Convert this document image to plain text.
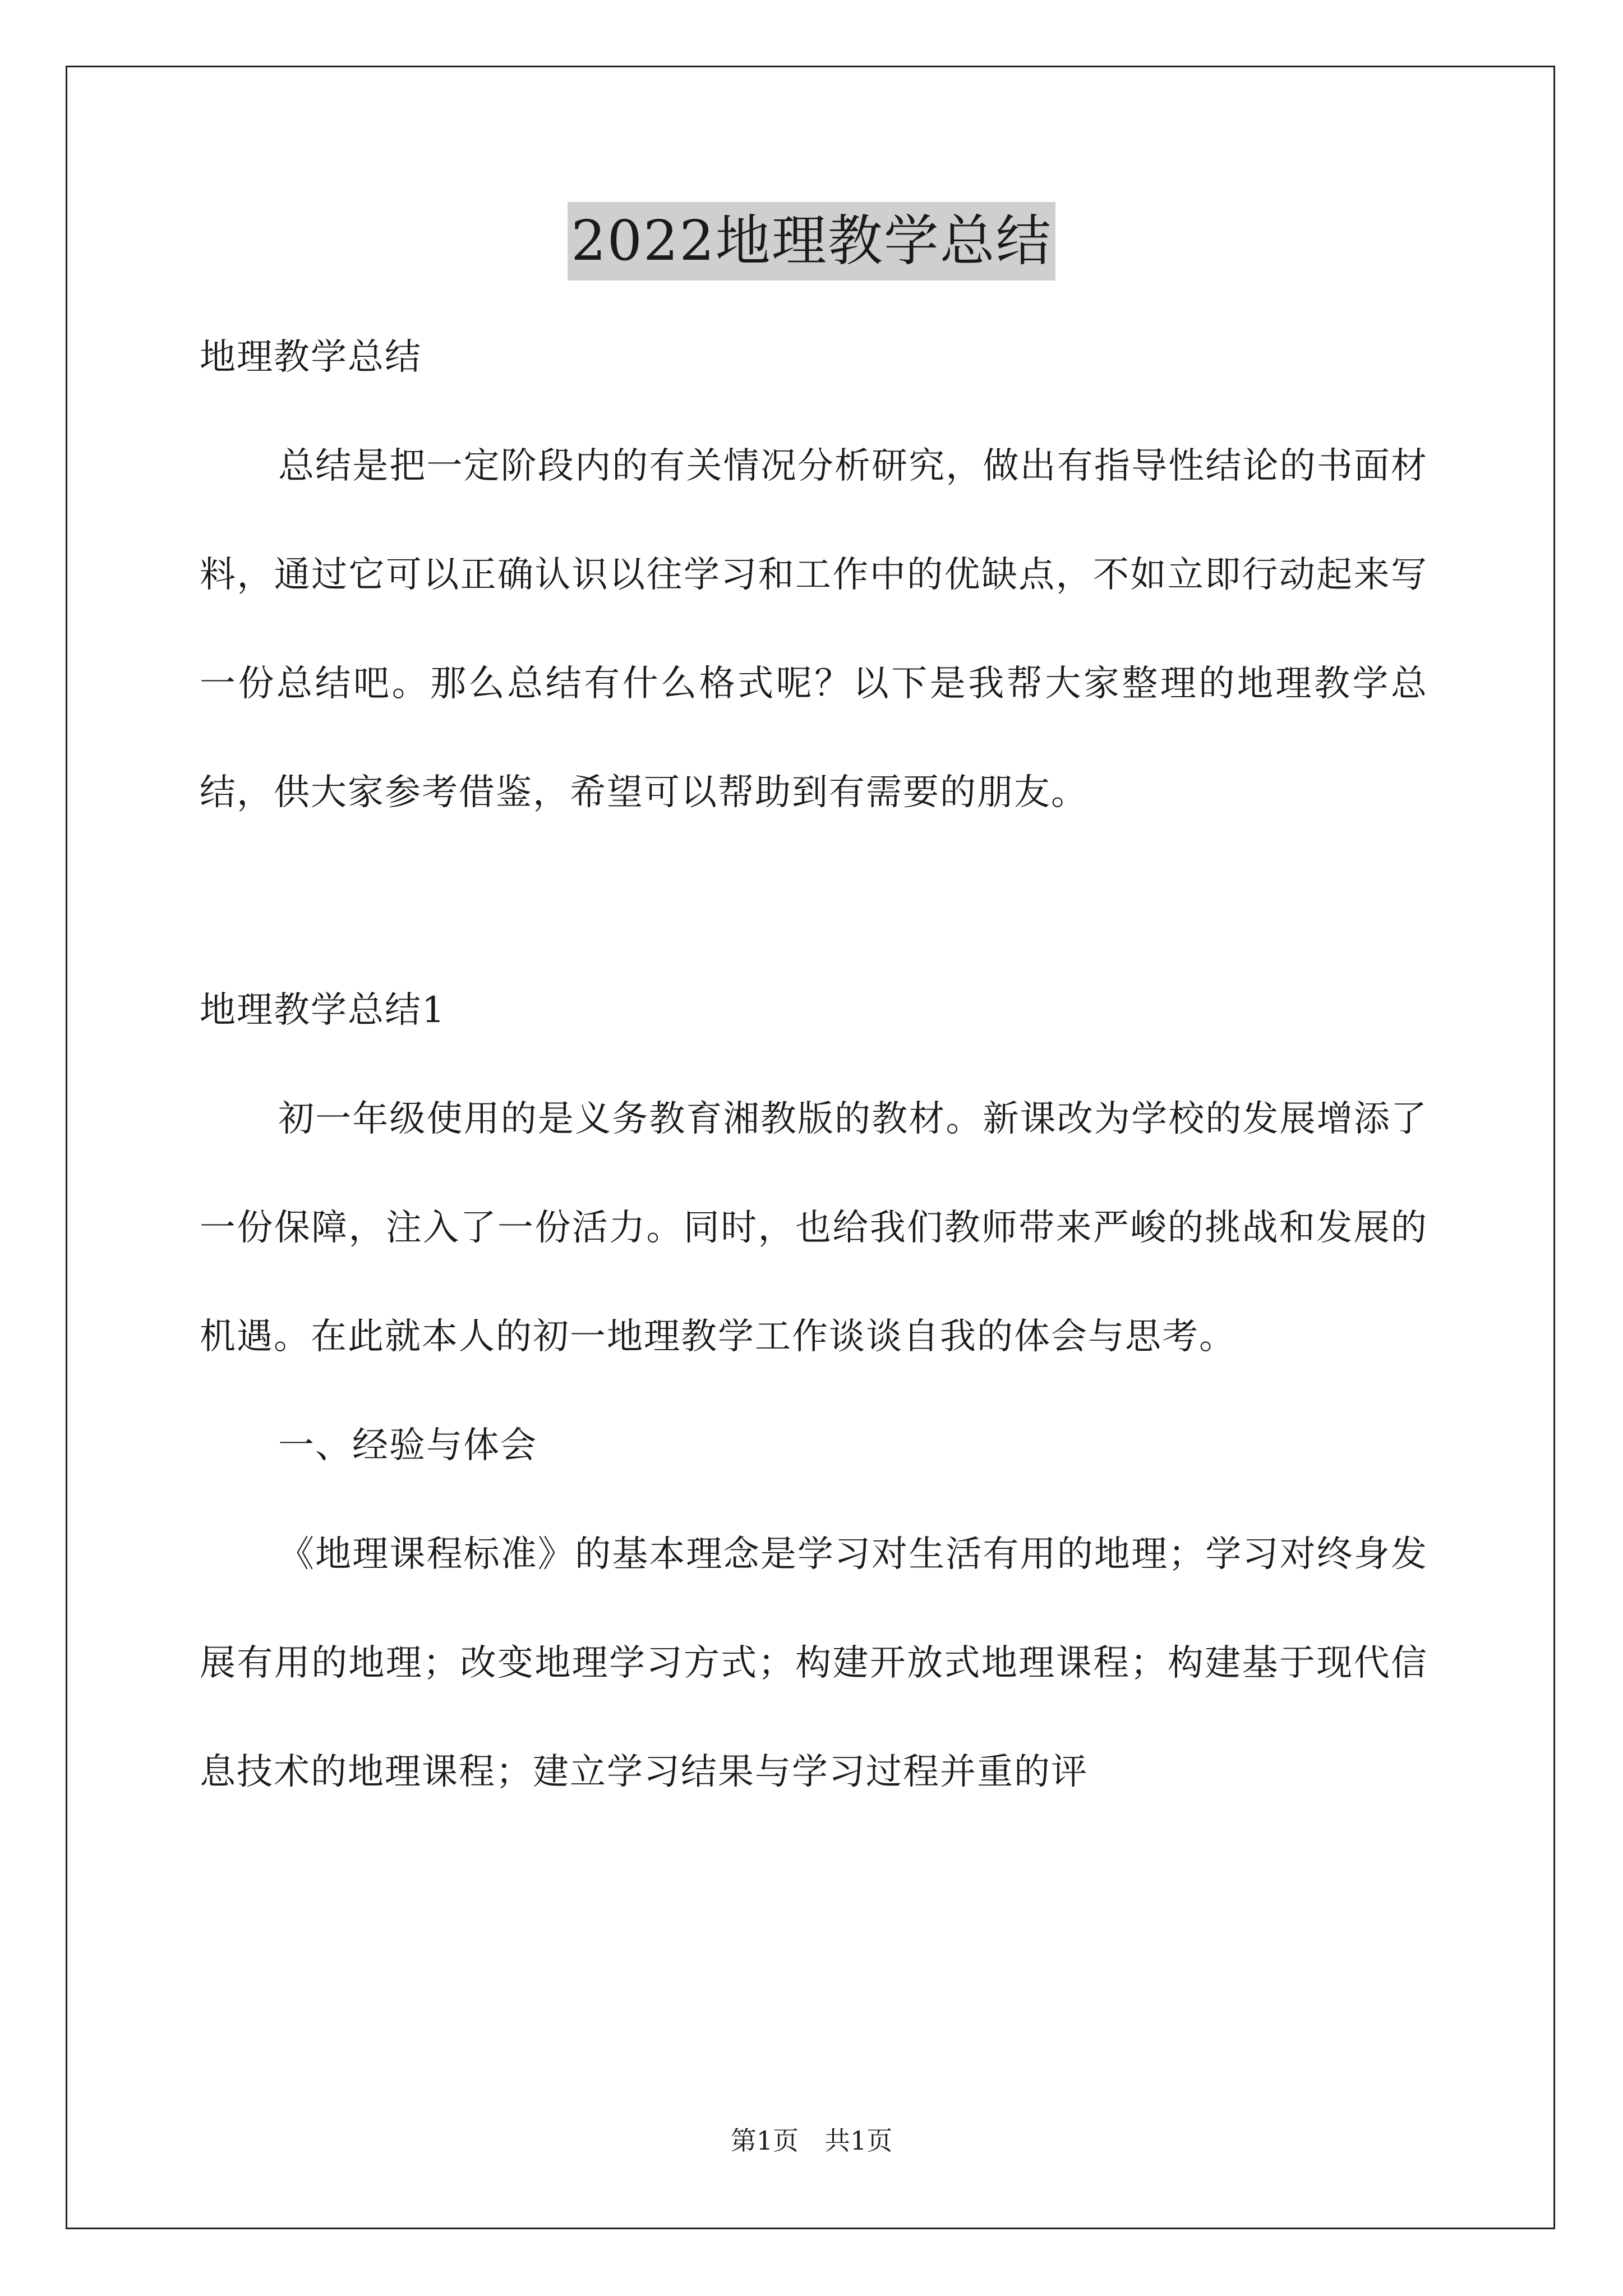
2022地理教学总结

地理教学总结

总结是把一定阶段内的有关情况分析研究，做出有指导性结论的书面材料，通过它可以正确认识以往学习和工作中的优缺点，不如立即行动起来写一份总结吧。那么总结有什么格式呢？以下是我帮大家整理的地理教学总结，供大家参考借鉴，希望可以帮助到有需要的朋友。

地理教学总结1

初一年级使用的是义务教育湘教版的教材。新课改为学校的发展增添了一份保障，注入了一份活力。同时，也给我们教师带来严峻的挑战和发展的机遇。在此就本人的初一地理教学工作谈谈自我的体会与思考。

一、经验与体会

《地理课程标准》的基本理念是学习对生活有用的地理；学习对终身发展有用的地理；改变地理学习方式；构建开放式地理课程；构建基于现代信息技术的地理课程；建立学习结果与学习过程并重的评

第1页　共1页
